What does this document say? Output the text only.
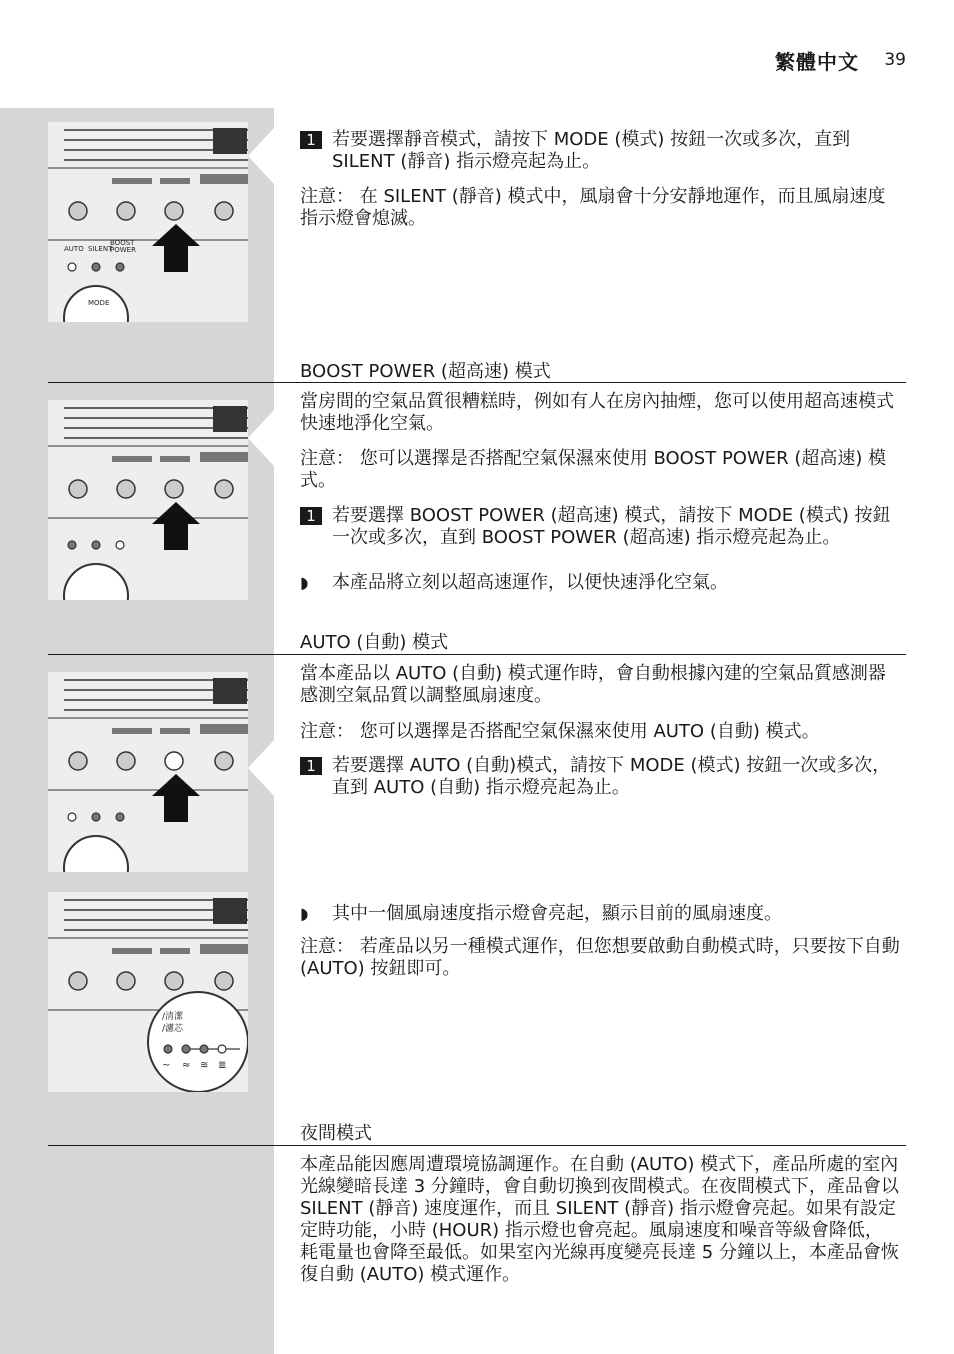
繁體中文 39
AUTO SILENT
BOOST
POWER
MODE
1 若要選擇靜音模式，請按下 MODE (模式) 按鈕一次或多次，直到 SILENT (靜音) 指示燈亮起為止。
注意： 在 SILENT (靜音) 模式中，風扇會十分安靜地運作，而且風扇速度指示燈會熄滅。
BOOST POWER (超高速) 模式
當房間的空氣品質很糟糕時，例如有人在房內抽煙，您可以使用超高速模式快速地淨化空氣。
注意： 您可以選擇是否搭配空氣保濕來使用 BOOST POWER (超高速) 模式。
1 若要選擇 BOOST POWER (超高速) 模式，請按下 MODE (模式) 按鈕一次或多次，直到 BOOST POWER (超高速) 指示燈亮起為止。
◗ 本產品將立刻以超高速運作，以便快速淨化空氣。
AUTO (自動) 模式
當本產品以 AUTO (自動) 模式運作時，會自動根據內建的空氣品質感測器感測空氣品質以調整風扇速度。
注意： 您可以選擇是否搭配空氣保濕來使用 AUTO (自動) 模式。
1 若要選擇 AUTO (自動)模式，請按下 MODE (模式) 按鈕一次或多次，直到 AUTO (自動) 指示燈亮起為止。
/清潔
/濾芯
~ ≈ ≋ ≣
◗ 其中一個風扇速度指示燈會亮起，顯示目前的風扇速度。
注意： 若產品以另一種模式運作，但您想要啟動自動模式時，只要按下自動 (AUTO) 按鈕即可。
夜間模式
本產品能因應周遭環境協調運作。在自動 (AUTO) 模式下，產品所處的室內光線變暗長達 3 分鐘時，會自動切換到夜間模式。在夜間模式下，產品會以 SILENT (靜音) 速度運作，而且 SILENT (靜音) 指示燈會亮起。如果有設定定時功能，小時 (HOUR) 指示燈也會亮起。風扇速度和噪音等級會降低，耗電量也會降至最低。如果室內光線再度變亮長達 5 分鐘以上，本產品會恢復自動 (AUTO) 模式運作。
